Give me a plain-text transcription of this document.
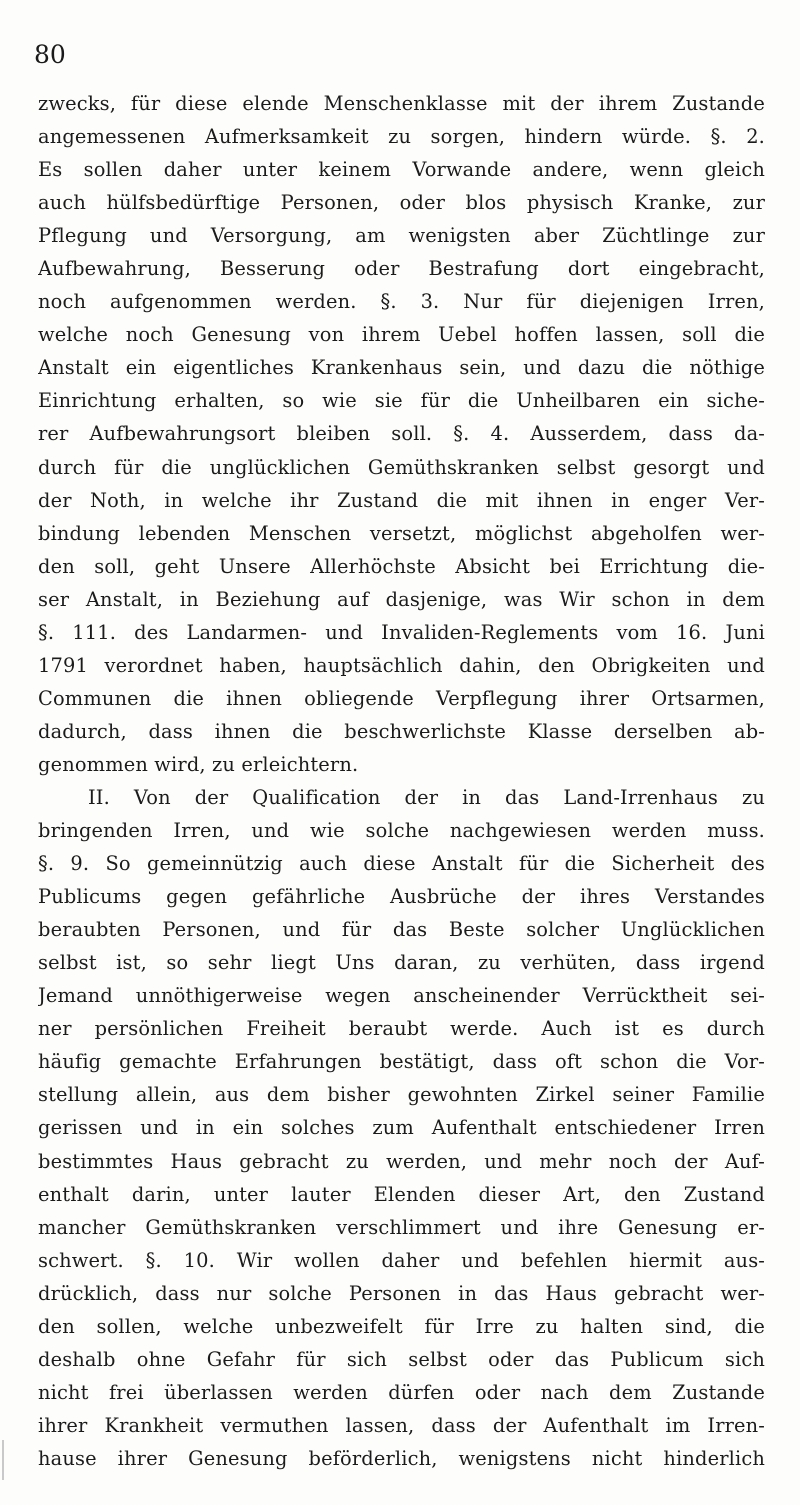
80
zwecks, für diese elende Menschenklasse mit der ihrem Zustande
angemessenen Aufmerksamkeit zu sorgen, hindern würde. §. 2.
Es sollen daher unter keinem Vorwande andere, wenn gleich
auch hülfsbedürftige Personen, oder blos physisch Kranke, zur
Pflegung und Versorgung, am wenigsten aber Züchtlinge zur
Aufbewahrung, Besserung oder Bestrafung dort eingebracht,
noch aufgenommen werden. §. 3. Nur für diejenigen Irren,
welche noch Genesung von ihrem Uebel hoffen lassen, soll die
Anstalt ein eigentliches Krankenhaus sein, und dazu die nöthige
Einrichtung erhalten, so wie sie für die Unheilbaren ein siche-
rer Aufbewahrungsort bleiben soll. §. 4. Ausserdem, dass da-
durch für die unglücklichen Gemüthskranken selbst gesorgt und
der Noth, in welche ihr Zustand die mit ihnen in enger Ver-
bindung lebenden Menschen versetzt, möglichst abgeholfen wer-
den soll, geht Unsere Allerhöchste Absicht bei Errichtung die-
ser Anstalt, in Beziehung auf dasjenige, was Wir schon in dem
§. 111. des Landarmen- und Invaliden-Reglements vom 16. Juni
1791 verordnet haben, hauptsächlich dahin, den Obrigkeiten und
Communen die ihnen obliegende Verpflegung ihrer Ortsarmen,
dadurch, dass ihnen die beschwerlichste Klasse derselben ab-
genommen wird, zu erleichtern.
II. Von der Qualification der in das Land-Irrenhaus zu
bringenden Irren, und wie solche nachgewiesen werden muss.
§. 9. So gemeinnützig auch diese Anstalt für die Sicherheit des
Publicums gegen gefährliche Ausbrüche der ihres Verstandes
beraubten Personen, und für das Beste solcher Unglücklichen
selbst ist, so sehr liegt Uns daran, zu verhüten, dass irgend
Jemand unnöthigerweise wegen anscheinender Verrücktheit sei-
ner persönlichen Freiheit beraubt werde. Auch ist es durch
häufig gemachte Erfahrungen bestätigt, dass oft schon die Vor-
stellung allein, aus dem bisher gewohnten Zirkel seiner Familie
gerissen und in ein solches zum Aufenthalt entschiedener Irren
bestimmtes Haus gebracht zu werden, und mehr noch der Auf-
enthalt darin, unter lauter Elenden dieser Art, den Zustand
mancher Gemüthskranken verschlimmert und ihre Genesung er-
schwert. §. 10. Wir wollen daher und befehlen hiermit aus-
drücklich, dass nur solche Personen in das Haus gebracht wer-
den sollen, welche unbezweifelt für Irre zu halten sind, die
deshalb ohne Gefahr für sich selbst oder das Publicum sich
nicht frei überlassen werden dürfen oder nach dem Zustande
ihrer Krankheit vermuthen lassen, dass der Aufenthalt im Irren-
hause ihrer Genesung beförderlich, wenigstens nicht hinderlich
